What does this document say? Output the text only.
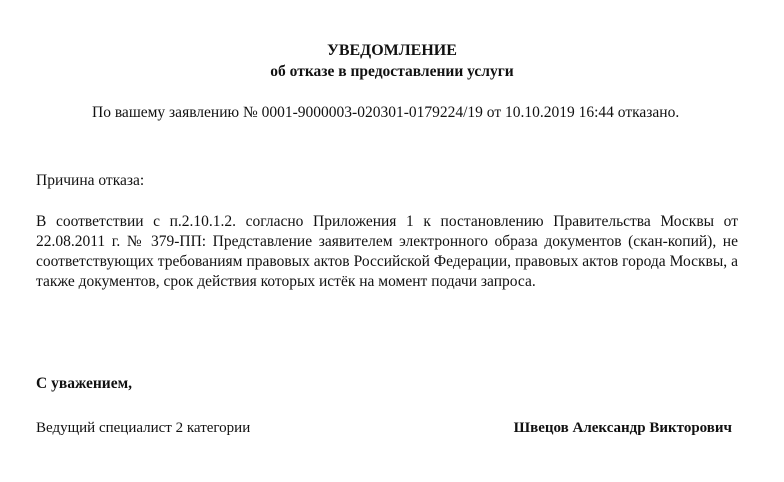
УВЕДОМЛЕНИЕ
об отказе в предоставлении услуги

По вашему заявлению № 0001-9000003-020301-0179224/19 от 10.10.2019 16:44 отказано.

Причина отказа:

В соответствии с п.2.10.1.2. согласно Приложения 1 к постановлению Правительства Москвы от 22.08.2011 г. № 379-ПП: Представление заявителем электронного образа документов (скан-копий), не соответствующих требованиям правовых актов Российской Федерации, правовых актов города Москвы, а также документов, срок действия которых истёк на момент подачи запроса.

С уважением,
Ведущий специалист 2 категории	Швецов Александр Викторович
